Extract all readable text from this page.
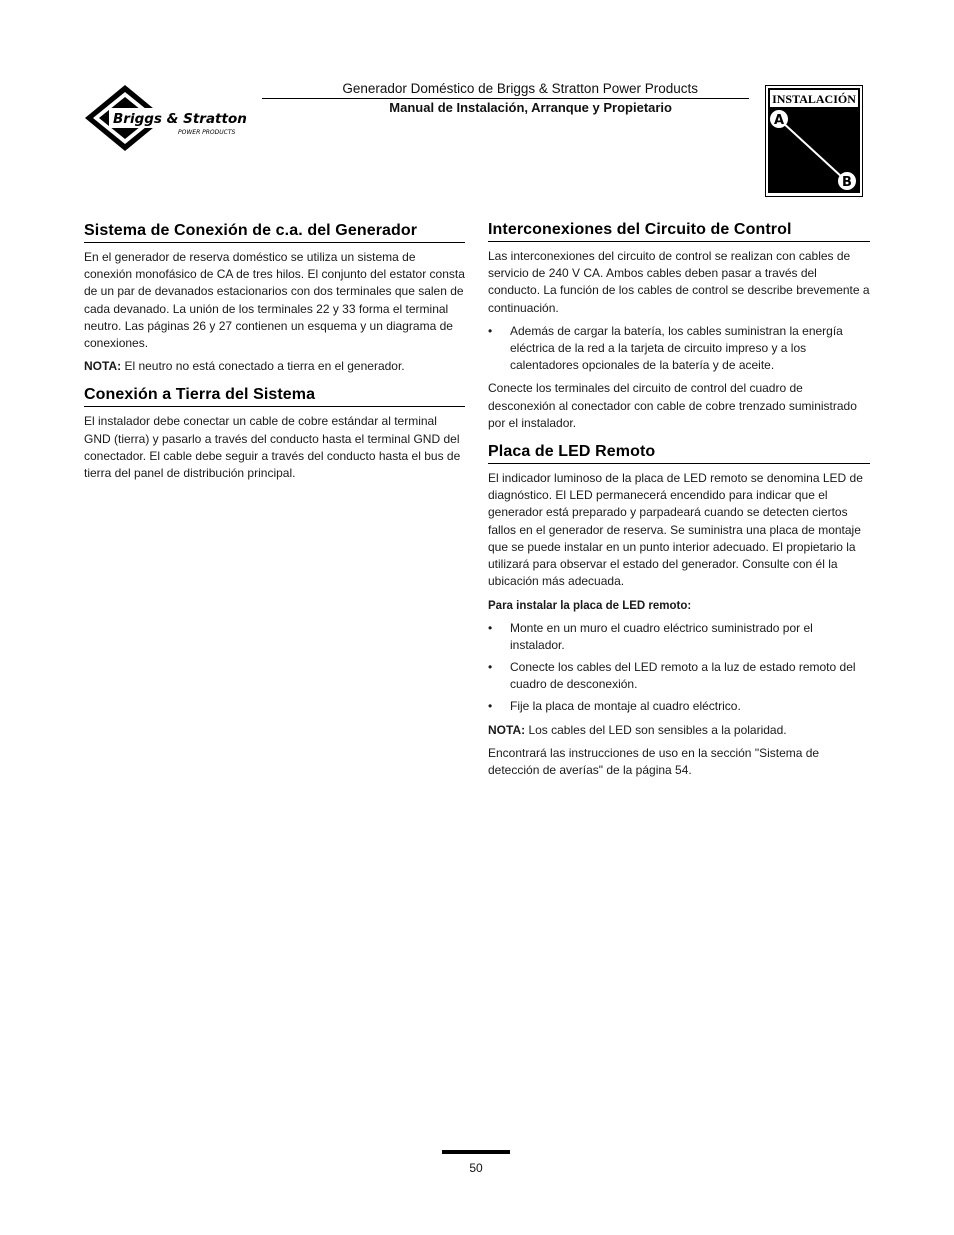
Briggs & Stratton
POWER PRODUCTS
Generador Doméstico de Briggs & Stratton Power Products
Manual de Instalación, Arranque y Propietario
INSTALACIÓN
A
B
Sistema de Conexión de c.a. del Generador

En el generador de reserva doméstico se utiliza un sistema de conexión monofásico de CA de tres hilos. El conjunto del estator consta de un par de devanados estacionarios con dos terminales que salen de cada devanado. La unión de los terminales 22 y 33 forma el terminal neutro. Las páginas 26 y 27 contienen un esquema y un diagrama de conexiones.

NOTA: El neutro no está conectado a tierra en el generador.

Conexión a Tierra del Sistema

El instalador debe conectar un cable de cobre estándar al terminal GND (tierra) y pasarlo a través del conducto hasta el terminal GND del conectador. El cable debe seguir a través del conducto hasta el bus de tierra del panel de distribución principal.

Interconexiones del Circuito de Control

Las interconexiones del circuito de control se realizan con cables de servicio de 240 V CA. Ambos cables deben pasar a través del conducto. La función de los cables de control se describe brevemente a continuación.

• Además de cargar la batería, los cables suministran la energía eléctrica de la red a la tarjeta de circuito impreso y a los calentadores opcionales de la batería y de aceite.

Conecte los terminales del circuito de control del cuadro de desconexión al conectador con cable de cobre trenzado suministrado por el instalador.

Placa de LED Remoto

El indicador luminoso de la placa de LED remoto se denomina LED de diagnóstico. El LED permanecerá encendido para indicar que el generador está preparado y parpadeará cuando se detecten ciertos fallos en el generador de reserva. Se suministra una placa de montaje que se puede instalar en un punto interior adecuado. El propietario la utilizará para observar el estado del generador. Consulte con él la ubicación más adecuada.

Para instalar la placa de LED remoto:
• Monte en un muro el cuadro eléctrico suministrado por el instalador.
• Conecte los cables del LED remoto a la luz de estado remoto del cuadro de desconexión.
• Fije la placa de montaje al cuadro eléctrico.

NOTA: Los cables del LED son sensibles a la polaridad.

Encontrará las instrucciones de uso en la sección "Sistema de detección de averías" de la página 54.

50
